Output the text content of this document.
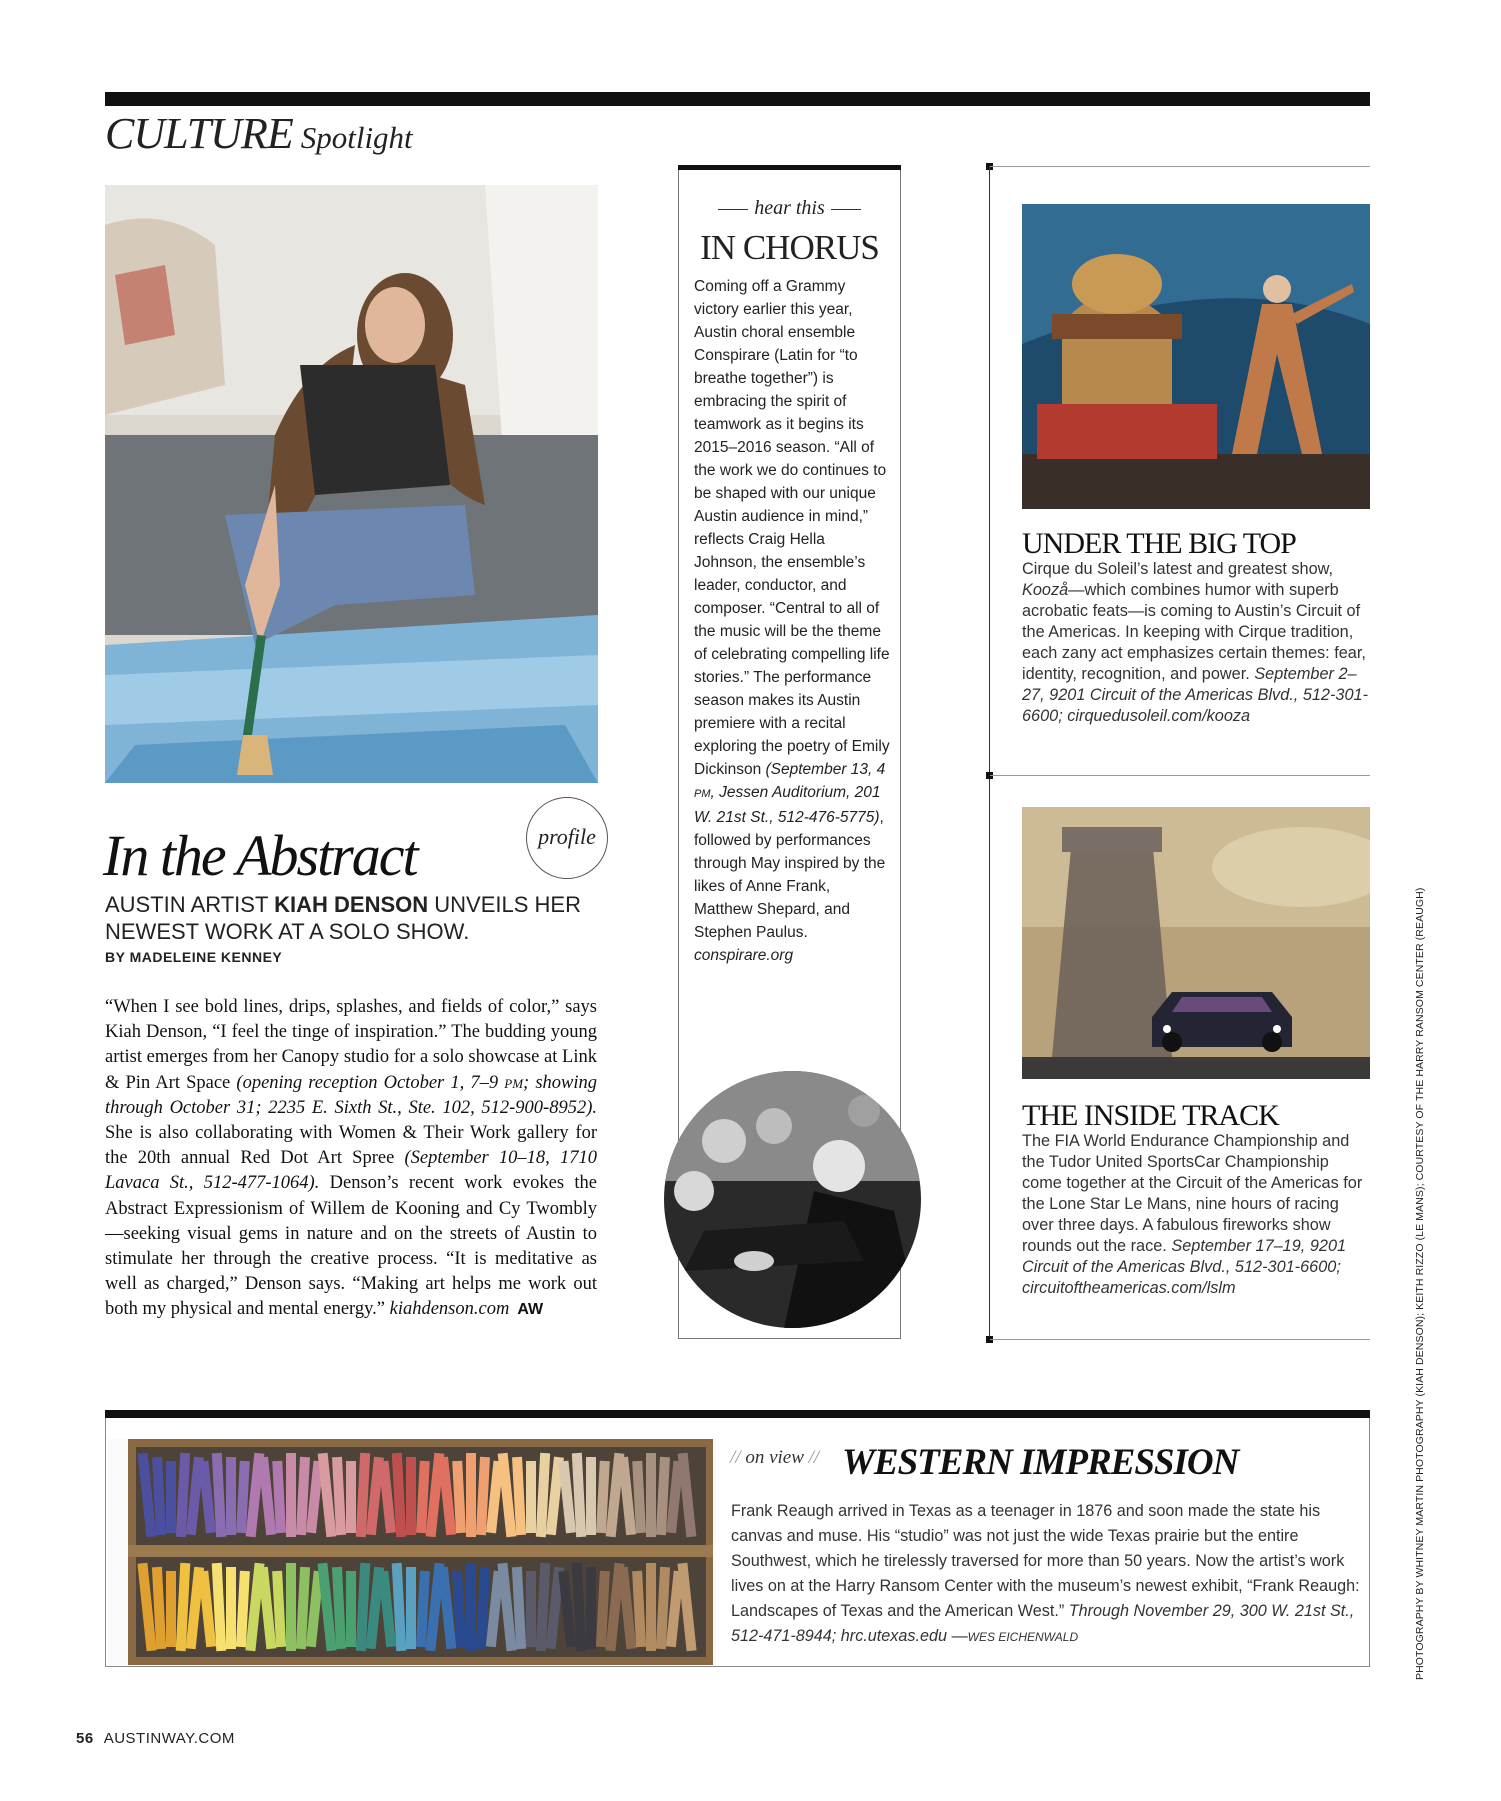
CULTURE Spotlight
profile
In the Abstract
AUSTIN ARTIST KIAH DENSON UNVEILS HER NEWEST WORK AT A SOLO SHOW.
BY MADELEINE KENNEY
“When I see bold lines, drips, splashes, and fields of color,” says Kiah Denson, “I feel the tinge of inspiration.” The budding young artist emerges from her Canopy studio for a solo showcase at Link & Pin Art Space (opening reception October 1, 7–9 PM; showing through October 31; 2235 E. Sixth St., Ste. 102, 512-900-8952). She is also collaborating with Women & Their Work gallery for the 20th annual Red Dot Art Spree (September 10–18, 1710 Lavaca St., 512-477-1064). Denson’s recent work evokes the Abstract Expressionism of Willem de Kooning and Cy Twombly—seeking visual gems in nature and on the streets of Austin to stimulate her through the creative process. “It is meditative as well as charged,” Denson says. “Making art helps me work out both my physical and mental energy.” kiahdenson.com AW
hear this
IN CHORUS
Coming off a Grammy victory earlier this year, Austin choral ensemble Conspirare (Latin for “to breathe together”) is embracing the spirit of teamwork as it begins its 2015–2016 season. “All of the work we do continues to be shaped with our unique Austin audience in mind,” reflects Craig Hella Johnson, the ensemble’s leader, conductor, and composer. “Central to all of the music will be the theme of celebrating compelling life stories.” The performance season makes its Austin premiere with a recital exploring the poetry of Emily Dickinson (September 13, 4 PM, Jessen Auditorium, 201 W. 21st St., 512-476-5775), followed by performances through May inspired by the likes of Anne Frank, Matthew Shepard, and Stephen Paulus. conspirare.org
UNDER THE BIG TOP
Cirque du Soleil’s latest and greatest show, Koozå—which combines humor with superb acrobatic feats—is coming to Austin’s Circuit of the Americas. In keeping with Cirque tradition, each zany act emphasizes certain themes: fear, identity, recognition, and power. September 2–27, 9201 Circuit of the Americas Blvd., 512-301-6600; cirquedusoleil.com/kooza
THE INSIDE TRACK
The FIA World Endurance Championship and the Tudor United SportsCar Championship come together at the Circuit of the Americas for the Lone Star Le Mans, nine hours of racing over three days. A fabulous fireworks show rounds out the race. September 17–19, 9201 Circuit of the Americas Blvd., 512-301-6600; circuitoftheamericas.com/lslm	PHOTOGRAPHY BY WHITNEY MARTIN PHOTOGRAPHY (KIAH DENSON); KEITH RIZZO (LE MANS); COURTESY OF THE HARRY RANSOM CENTER (REAUGH)
// on view // WESTERN IMPRESSION
Frank Reaugh arrived in Texas as a teenager in 1876 and soon made the state his canvas and muse. His “studio” was not just the wide Texas prairie but the entire Southwest, which he tirelessly traversed for more than 50 years. Now the artist’s work lives on at the Harry Ransom Center with the museum’s newest exhibit, “Frank Reaugh: Landscapes of Texas and the American West.” Through November 29, 300 W. 21st St., 512-471-8944; hrc.utexas.edu —WES EICHENWALD
56 AUSTINWAY.COM
